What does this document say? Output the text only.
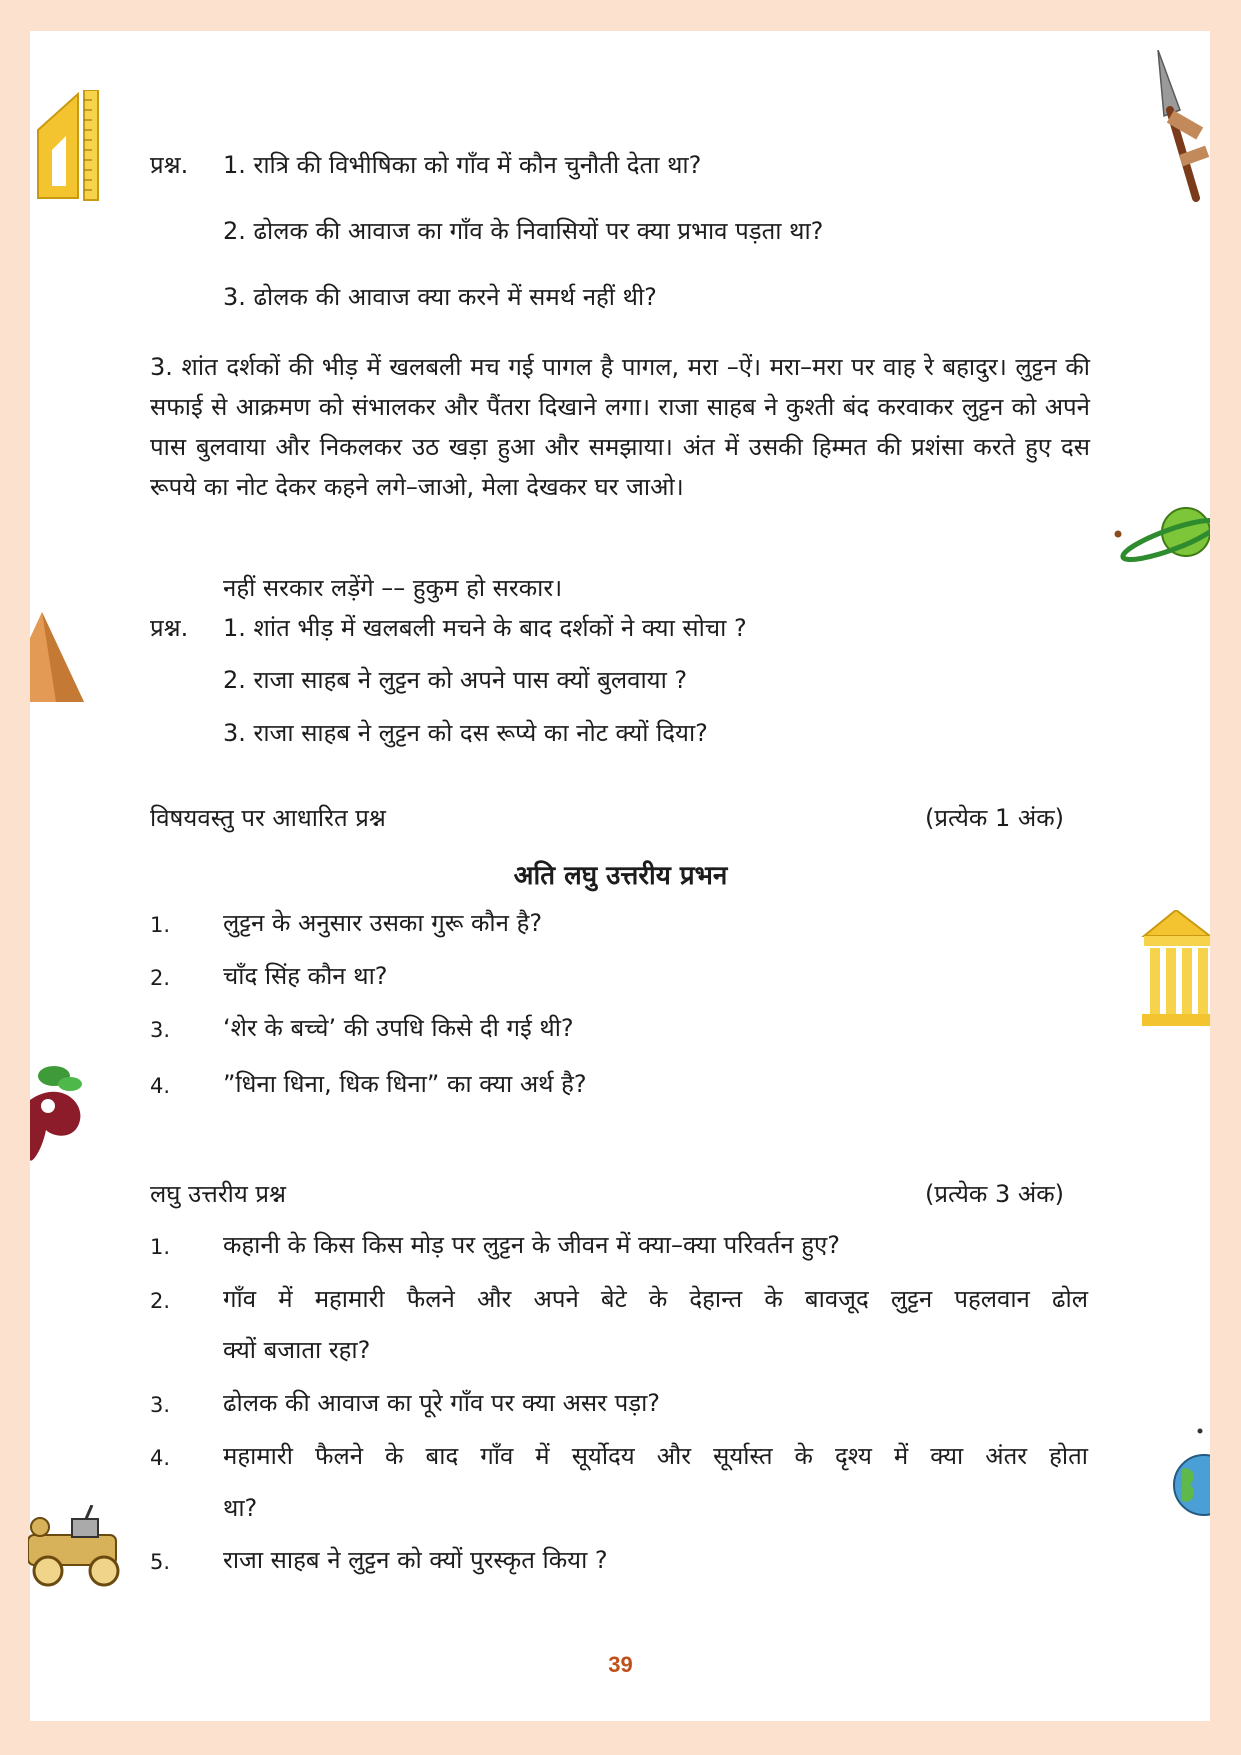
प्रश्न. 1. रात्रि की विभीषिका को गाँव में कौन चुनौती देता था?
2. ढोलक की आवाज का गाँव के निवासियों पर क्या प्रभाव पड़ता था?
3. ढोलक की आवाज क्या करने में समर्थ नहीं थी?
3. शांत दर्शकों की भीड़ में खलबली मच गई पागल है पागल, मरा –ऐं। मरा–मरा पर वाह रे बहादुर। लुट्टन की सफाई से आक्रमण को संभालकर और पैंतरा दिखाने लगा। राजा साहब ने कुश्ती बंद करवाकर लुट्टन को अपने पास बुलवाया और निकलकर उठ खड़ा हुआ और समझाया। अंत में उसकी हिम्मत की प्रशंसा करते हुए दस रूपये का नोट देकर कहने लगे–जाओ, मेला देखकर घर जाओ।
नहीं सरकार लड़ेंगे –– हुकुम हो सरकार।
प्रश्न. 1. शांत भीड़ में खलबली मचने के बाद दर्शकों ने क्या सोचा ?
2. राजा साहब ने लुट्टन को अपने पास क्यों बुलवाया ?
3. राजा साहब ने लुट्टन को दस रूप्ये का नोट क्यों दिया?
विषयवस्तु पर आधारित प्रश्न	(प्रत्येक 1 अंक)
अति लघु उत्तरीय प्रभन
1. लुट्टन के अनुसार उसका गुरू कौन है?
2. चाँद सिंह कौन था?
3. ‘शेर के बच्चे’ की उपधि किसे दी गई थी?
4. ”धिना धिना, धिक धिना” का क्या अर्थ है?
लघु उत्तरीय प्रश्न	(प्रत्येक 3 अंक)
1. कहानी के किस किस मोड़ पर लुट्टन के जीवन में क्या–क्या परिवर्तन हुए?
2. गाँव में महामारी फैलने और अपने बेटे के देहान्त के बावजूद लुट्टन पहलवान ढोल
क्यों बजाता रहा?
3. ढोलक की आवाज का पूरे गाँव पर क्या असर पड़ा?
4. महामारी फैलने के बाद गाँव में सूर्योदय और सूर्यास्त के दृश्य में क्या अंतर होता
था?
5. राजा साहब ने लुट्टन को क्यों पुरस्कृत किया ?
39
